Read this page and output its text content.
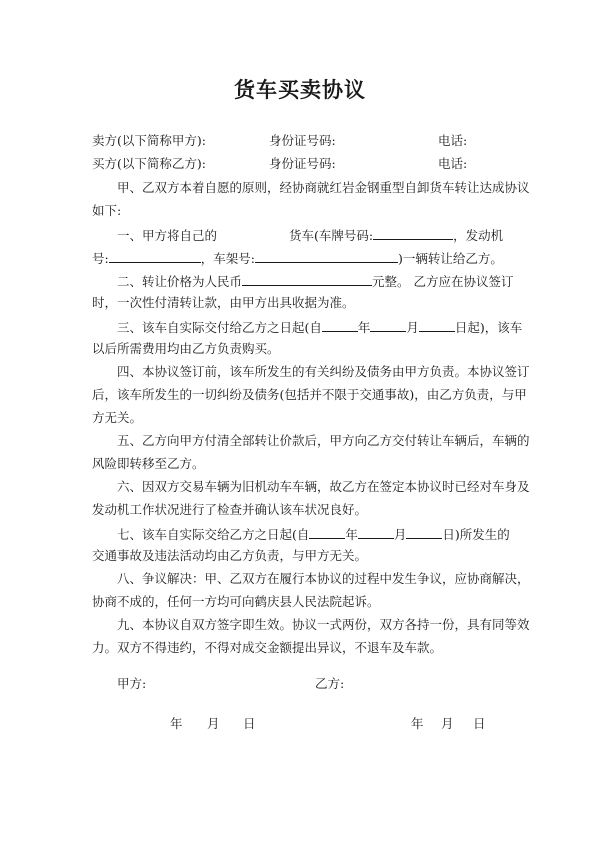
货车买卖协议
卖方(以下简称甲方):	身份证号码:	电话:
买方(以下简称乙方):	身份证号码:	电话:
甲、乙双方本着自愿的原则，经协商就红岩金钢重型自卸货车转让达成协议
如下:
一、甲方将自己的	货车(车牌号码:	，发动机
号:	，车架号:	)一辆转让给乙方。
二、转让价格为人民币	元整。 乙方应在协议签订
时，一次性付清转让款，由甲方出具收据为准。
三、该车自实际交付给乙方之日起(自	年	月	日起)，该车
以后所需费用均由乙方负责购买。
四、本协议签订前，该车所发生的有关纠纷及债务由甲方负责。本协议签订
后，该车所发生的一切纠纷及债务(包括并不限于交通事故)，由乙方负责，与甲
方无关。
五、乙方向甲方付清全部转让价款后，甲方向乙方交付转让车辆后，车辆的
风险即转移至乙方。
六、因双方交易车辆为旧机动车车辆，故乙方在签定本协议时已经对车身及
发动机工作状况进行了检查并确认该车状况良好。
七、该车自实际交给乙方之日起(自	年	月	日)所发生的
交通事故及违法活动均由乙方负责，与甲方无关。
八、争议解决：甲、乙双方在履行本协议的过程中发生争议，应协商解决，
协商不成的，任何一方均可向鹤庆县人民法院起诉。
九、本协议自双方签字即生效。协议一式两份，双方各持一份，具有同等效
力。双方不得违约，不得对成交金额提出异议，不退车及车款。
甲方:	乙方:
年 月 日	年 月 日
